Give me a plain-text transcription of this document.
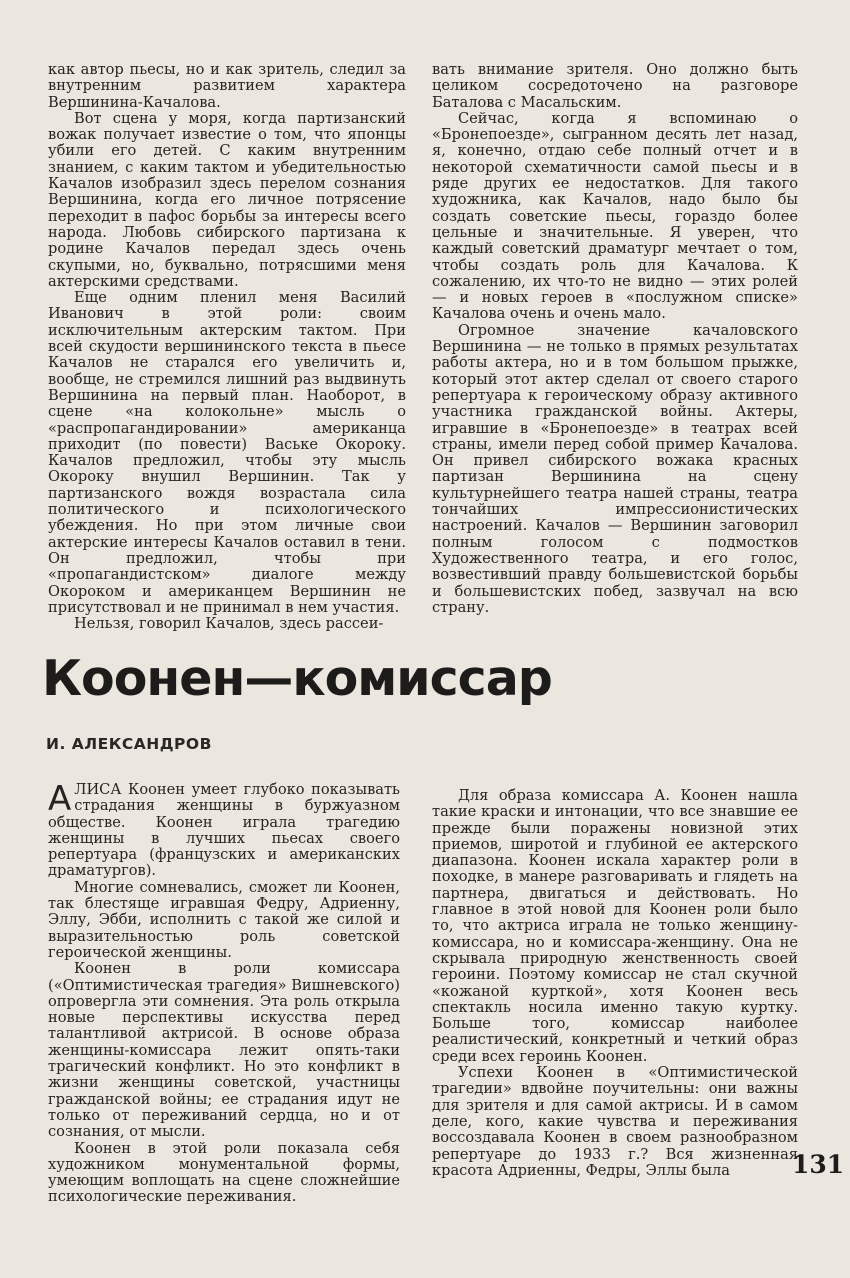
как автор пьесы, но и как зритель, следил за внутренним развитием характера Вершинина-Качалова.

Вот сцена у моря, когда партизанский вожак получает известие о том, что японцы убили его детей. С каким внутренним знанием, с каким тактом и убедительностью Качалов изобразил здесь перелом сознания Вершинина, когда его личное потрясение переходит в пафос борьбы за интересы всего народа. Любовь сибирского партизана к родине Качалов передал здесь очень скупыми, но, буквально, потрясшими меня актерскими средствами.

Еще одним пленил меня Василий Иванович в этой роли: своим исключительным актерским тактом. При всей скудости вершининского текста в пьесе Качалов не старался его увеличить и, вообще, не стремился лишний раз выдвинуть Вершинина на первый план. Наоборот, в сцене «на колокольне» мысль о «распропагандировании» американца приходит (по повести) Ваське Окороку. Качалов предложил, чтобы эту мысль Окороку внушил Вершинин. Так у партизанского вождя возрастала сила политического и психологического убеждения. Но при этом личные свои актерские интересы Качалов оставил в тени. Он предложил, чтобы при «пропагандистском» диалоге между Окороком и американцем Вершинин не присутствовал и не принимал в нем участия.

Нельзя, говорил Качалов, здесь рассеи-

вать внимание зрителя. Оно должно быть целиком сосредоточено на разговоре Баталова с Масальским.

Сейчас, когда я вспоминаю о «Бронепоезде», сыгранном десять лет назад, я, конечно, отдаю себе полный отчет и в некоторой схематичности самой пьесы и в ряде других ее недостатков. Для такого художника, как Качалов, надо было бы создать советские пьесы, гораздо более цельные и значительные. Я уверен, что каждый советский драматург мечтает о том, чтобы создать роль для Качалова. К сожалению, их что-то не видно — этих ролей — и новых героев в «послужном списке» Качалова очень и очень мало.

Огромное значение качаловского Вершинина — не только в прямых результатах работы актера, но и в том большом прыжке, который этот актер сделал от своего старого репертуара к героическому образу активного участника гражданской войны. Актеры, игравшие в «Бронепоезде» в театрах всей страны, имели перед собой пример Качалова. Он привел сибирского вожака красных партизан Вершинина на сцену культурнейшего театра нашей страны, театра тончайших импрессионистических настроений. Качалов — Вершинин заговорил полным голосом с подмостков Художественного театра, и его голос, возвестивший правду большевистской борьбы и большевистских побед, зазвучал на всю страну.

Коонен—комиссар
И. АЛЕКСАНДРОВ

АЛИСА Коонен умеет глубоко показывать страдания женщины в буржуазном обществе. Коонен играла трагедию женщины в лучших пьесах своего репертуара (французских и американских драматургов).

Многие сомневались, сможет ли Коонен, так блестяще игравшая Федру, Адриенну, Эллу, Эбби, исполнить с такой же силой и выразительностью роль советской героической женщины.

Коонен в роли комиссара («Оптимистическая трагедия» Вишневского) опровергла эти сомнения. Эта роль открыла новые перспективы искусства перед талантливой актрисой. В основе образа женщины-комиссара лежит опять-таки трагический конфликт. Но это конфликт в жизни женщины советской, участницы гражданской войны; ее страдания идут не только от переживаний сердца, но и от сознания, от мысли.

Коонен в этой роли показала себя художником монументальной формы, умеющим воплощать на сцене сложнейшие психологические переживания.

Для образа комиссара А. Коонен нашла такие краски и интонации, что все знавшие ее прежде были поражены новизной этих приемов, широтой и глубиной ее актерского диапазона. Коонен искала характер роли в походке, в манере разговаривать и глядеть на партнера, двигаться и действовать. Но главное в этой новой для Коонен роли было то, что актриса играла не только женщину-комиссара, но и комиссара-женщину. Она не скрывала природную женственность своей героини. Поэтому комиссар не стал скучной «кожаной курткой», хотя Коонен весь спектакль носила именно такую куртку. Больше того, комиссар наиболее реалистический, конкретный и четкий образ среди всех героинь Коонен.

Успехи Коонен в «Оптимистической трагедии» вдвойне поучительны: они важны для зрителя и для самой актрисы. И в самом деле, кого, какие чувства и переживания воссоздавала Коонен в своем разнообразном репертуаре до 1933 г.? Вся жизненная красота Адриенны, Федры, Эллы была	131
